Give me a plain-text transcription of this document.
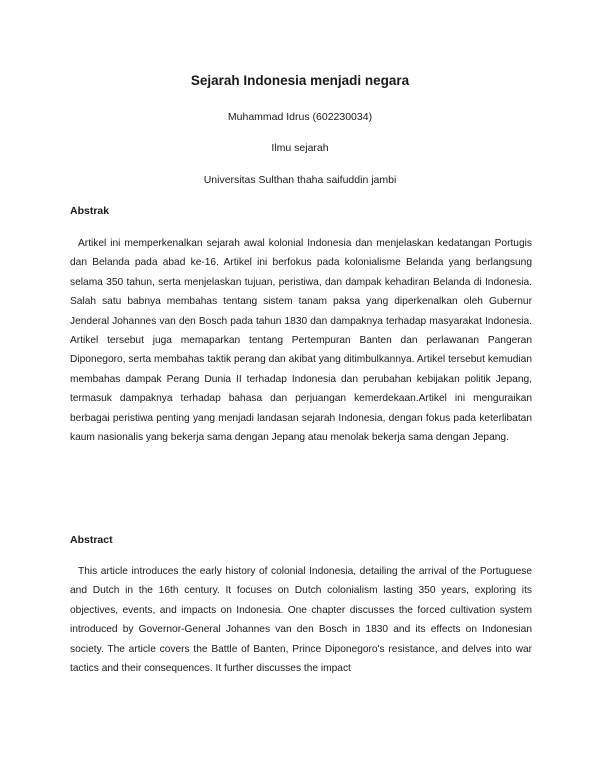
Sejarah Indonesia menjadi negara
Muhammad Idrus (602230034)
Ilmu sejarah
Universitas Sulthan thaha saifuddin jambi
Abstrak

Artikel ini memperkenalkan sejarah awal kolonial Indonesia dan menjelaskan kedatangan Portugis dan Belanda pada abad ke-16. Artikel ini berfokus pada kolonialisme Belanda yang berlangsung selama 350 tahun, serta menjelaskan tujuan, peristiwa, dan dampak kehadiran Belanda di Indonesia. Salah satu babnya membahas tentang sistem tanam paksa yang diperkenalkan oleh Gubernur Jenderal Johannes van den Bosch pada tahun 1830 dan dampaknya terhadap masyarakat Indonesia. Artikel tersebut juga memaparkan tentang Pertempuran Banten dan perlawanan Pangeran Diponegoro, serta membahas taktik perang dan akibat yang ditimbulkannya. Artikel tersebut kemudian membahas dampak Perang Dunia II terhadap Indonesia dan perubahan kebijakan politik Jepang, termasuk dampaknya terhadap bahasa dan perjuangan kemerdekaan.Artikel ini menguraikan berbagai peristiwa penting yang menjadi landasan sejarah Indonesia, dengan fokus pada keterlibatan kaum nasionalis yang bekerja sama dengan Jepang atau menolak bekerja sama dengan Jepang.

Abstract

This article introduces the early history of colonial Indonesia, detailing the arrival of the Portuguese and Dutch in the 16th century. It focuses on Dutch colonialism lasting 350 years, exploring its objectives, events, and impacts on Indonesia. One chapter discusses the forced cultivation system introduced by Governor-General Johannes van den Bosch in 1830 and its effects on Indonesian society. The article covers the Battle of Banten, Prince Diponegoro's resistance, and delves into war tactics and their consequences. It further discusses the impact
